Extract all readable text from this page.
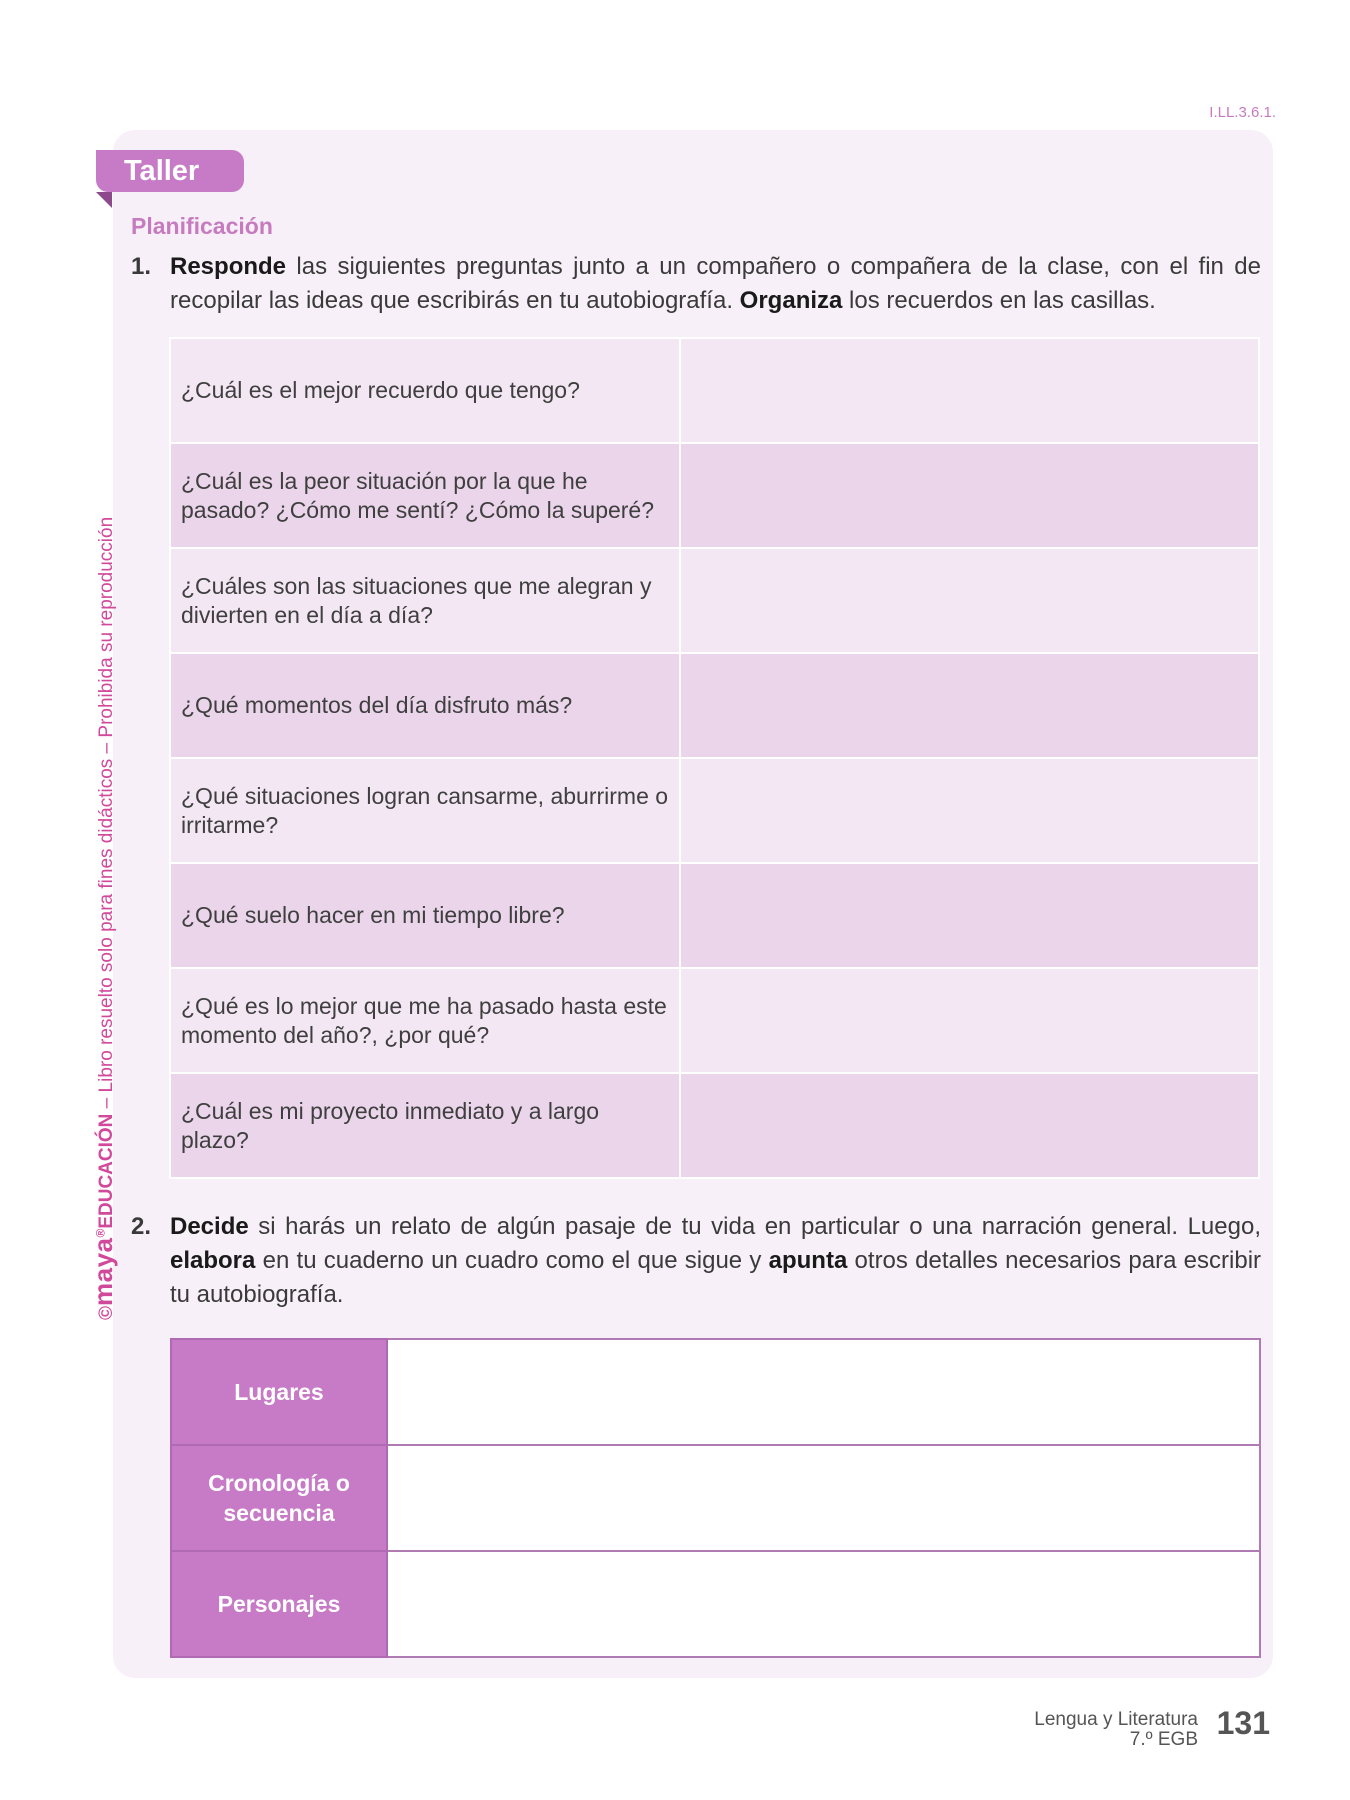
I.LL.3.6.1.
Taller
©maya®EDUCACIÓN – Libro resuelto solo para fines didácticos – Prohibida su reproducción
Planificación
1. Responde las siguientes preguntas junto a un compañero o compañera de la clase, con el fin de recopilar las ideas que escribirás en tu autobiografía. Organiza los recuerdos en las casillas.
¿Cuál es el mejor recuerdo que tengo?	
¿Cuál es la peor situación por la que he pasado? ¿Cómo me sentí? ¿Cómo la superé?	
¿Cuáles son las situaciones que me alegran y divierten en el día a día?	
¿Qué momentos del día disfruto más?	
¿Qué situaciones logran cansarme, aburrirme o irritarme?	
¿Qué suelo hacer en mi tiempo libre?	
¿Qué es lo mejor que me ha pasado hasta este momento del año?, ¿por qué?	
¿Cuál es mi proyecto inmediato y a largo plazo?	
2. Decide si harás un relato de algún pasaje de tu vida en particular o una narración general. Luego, elabora en tu cuaderno un cuadro como el que sigue y apunta otros detalles necesarios para escribir tu autobiografía.
Lugares	
Cronología o secuencia	
Personajes	
Lengua y Literatura
7.º EGB 131
